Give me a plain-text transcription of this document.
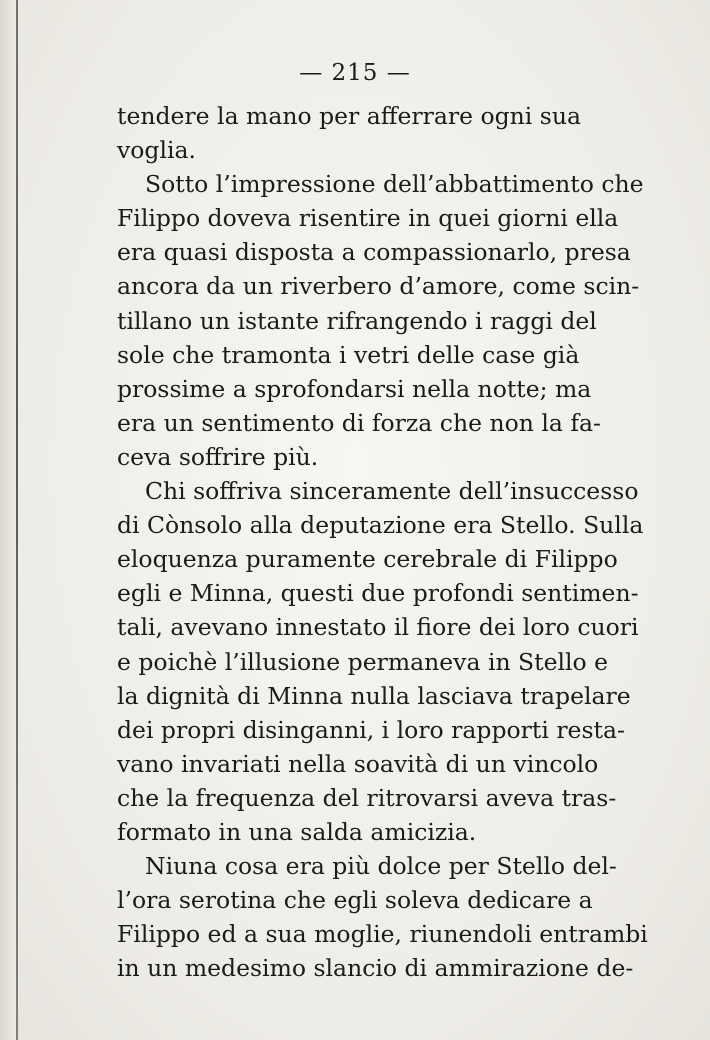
— 215 —
tendere la mano per afferrare ogni sua
voglia.
Sotto l’impressione dell’abbattimento che
Filippo doveva risentire in quei giorni ella
era quasi disposta a compassionarlo, presa
ancora da un riverbero d’amore, come scin-
tillano un istante rifrangendo i raggi del
sole che tramonta i vetri delle case già
prossime a sprofondarsi nella notte; ma
era un sentimento di forza che non la fa-
ceva soffrire più.
Chi soffriva sinceramente dell’insuccesso
di Cònsolo alla deputazione era Stello. Sulla
eloquenza puramente cerebrale di Filippo
egli e Minna, questi due profondi sentimen-
tali, avevano innestato il fiore dei loro cuori
e poichè l’illusione permaneva in Stello e
la dignità di Minna nulla lasciava trapelare
dei propri disinganni, i loro rapporti resta-
vano invariati nella soavità di un vincolo
che la frequenza del ritrovarsi aveva tras-
formato in una salda amicizia.
Niuna cosa era più dolce per Stello del-
l’ora serotina che egli soleva dedicare a
Filippo ed a sua moglie, riunendoli entrambi
in un medesimo slancio di ammirazione de-
